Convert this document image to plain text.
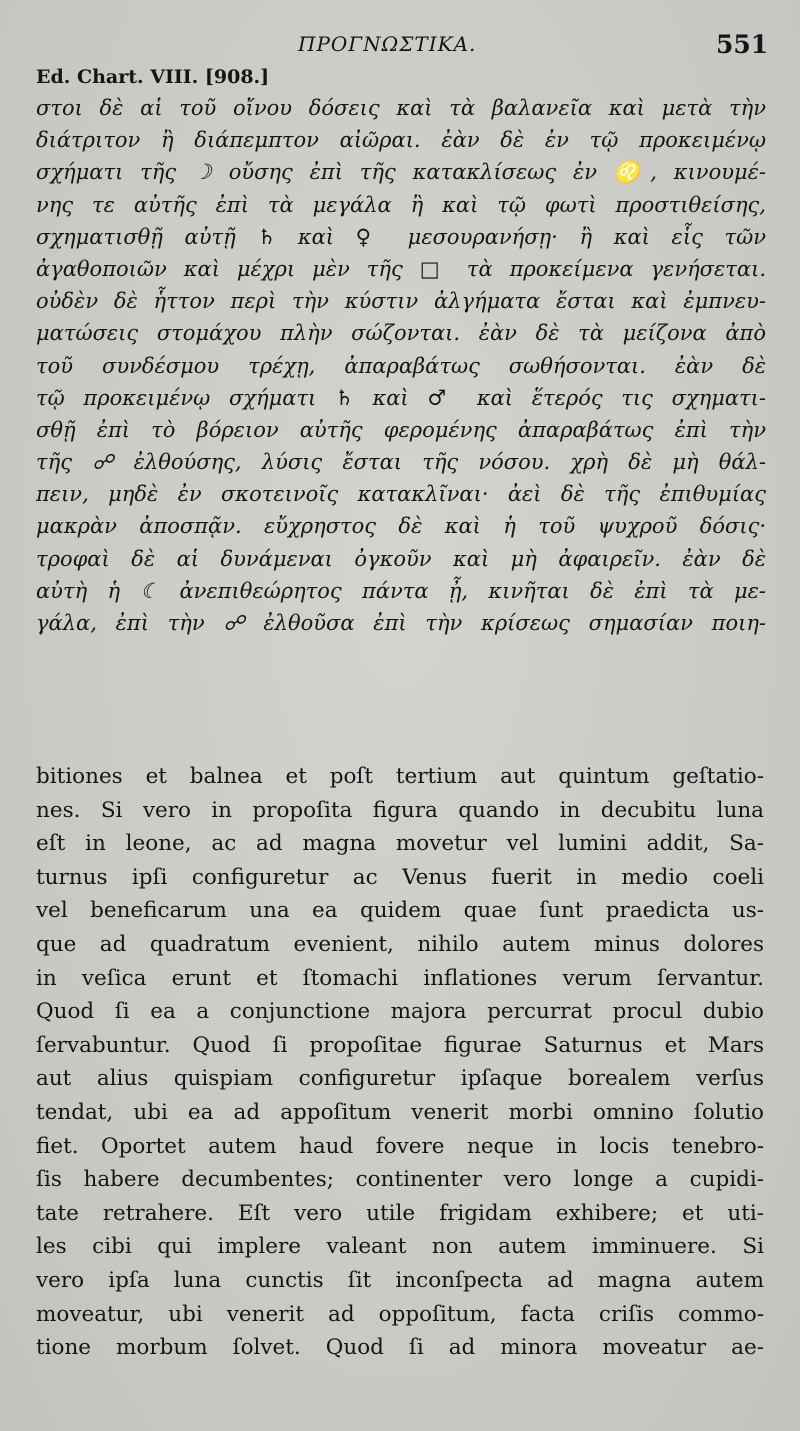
ΠΡΟΓΝΩΣΤΙΚΑ.	551
Ed. Chart. VIII. [908.]
στοι δὲ αἱ τοῦ οἴνου δόσεις καὶ τὰ βαλανεῖα καὶ μετὰ τὴν
διάτριτον ἢ διάπεμπτον αἰῶραι. ἐὰν δὲ ἐν τῷ προκειμένῳ
σχήματι τῆς ☽ οὔσης ἐπὶ τῆς κατακλίσεως ἐν ♌, κινουμέ-
νης τε αὐτῆς ἐπὶ τὰ μεγάλα ἢ καὶ τῷ φωτὶ προστιθείσης,
σχηματισθῇ αὐτῇ ♄ καὶ ♀ μεσουρανήσῃ· ἢ καὶ εἷς τῶν
ἀγαθοποιῶν καὶ μέχρι μὲν τῆς □ τὰ προκείμενα γενήσεται.
οὐδὲν δὲ ἧττον περὶ τὴν κύστιν ἀλγήματα ἔσται καὶ ἐμπνευ-
ματώσεις στομάχου πλὴν σώζονται. ἐὰν δὲ τὰ μείζονα ἀπὸ
τοῦ συνδέσμου τρέχῃ, ἀπαραβάτως σωθήσονται. ἐὰν δὲ
τῷ προκειμένῳ σχήματι ♄ καὶ ♂ καὶ ἕτερός τις σχηματι-
σθῇ ἐπὶ τὸ βόρειον αὐτῆς φερομένης ἀπαραβάτως ἐπὶ τὴν
τῆς ☍ ἐλθούσης, λύσις ἔσται τῆς νόσου. χρὴ δὲ μὴ θάλ-
πειν, μηδὲ ἐν σκοτεινοῖς κατακλῖναι· ἀεὶ δὲ τῆς ἐπιθυμίας
μακρὰν ἀποσπᾷν. εὔχρηστος δὲ καὶ ἡ τοῦ ψυχροῦ δόσις·
τροφαὶ δὲ αἱ δυνάμεναι ὀγκοῦν καὶ μὴ ἀφαιρεῖν. ἐὰν δὲ
αὐτὴ ἡ ☾ ἀνεπιθεώρητος πάντα ᾖ, κινῆται δὲ ἐπὶ τὰ με-
γάλα, ἐπὶ τὴν ☍ ἐλθοῦσα ἐπὶ τὴν κρίσεως σημασίαν ποιη-
bitiones et balnea et poſt tertium aut quintum geſtatio-
nes. Si vero in propoſita figura quando in decubitu luna
eſt in leone, ac ad magna movetur vel lumini addit, Sa-
turnus ipſi configuretur ac Venus fuerit in medio coeli
vel beneficarum una ea quidem quae ſunt praedicta us-
que ad quadratum evenient, nihilo autem minus dolores
in veſica erunt et ſtomachi inflationes verum ſervantur.
Quod ſi ea a conjunctione majora percurrat procul dubio
ſervabuntur. Quod ſi propoſitae figurae Saturnus et Mars
aut alius quispiam configuretur ipſaque borealem verſus
tendat, ubi ea ad appoſitum venerit morbi omnino ſolutio
fiet. Oportet autem haud fovere neque in locis tenebro-
ſis habere decumbentes; continenter vero longe a cupidi-
tate retrahere. Eſt vero utile frigidam exhibere; et uti-
les cibi qui implere valeant non autem imminuere. Si
vero ipſa luna cunctis ſit inconſpecta ad magna autem
moveatur, ubi venerit ad oppoſitum, facta criſis commo-
tione morbum ſolvet. Quod ſi ad minora moveatur ae-
